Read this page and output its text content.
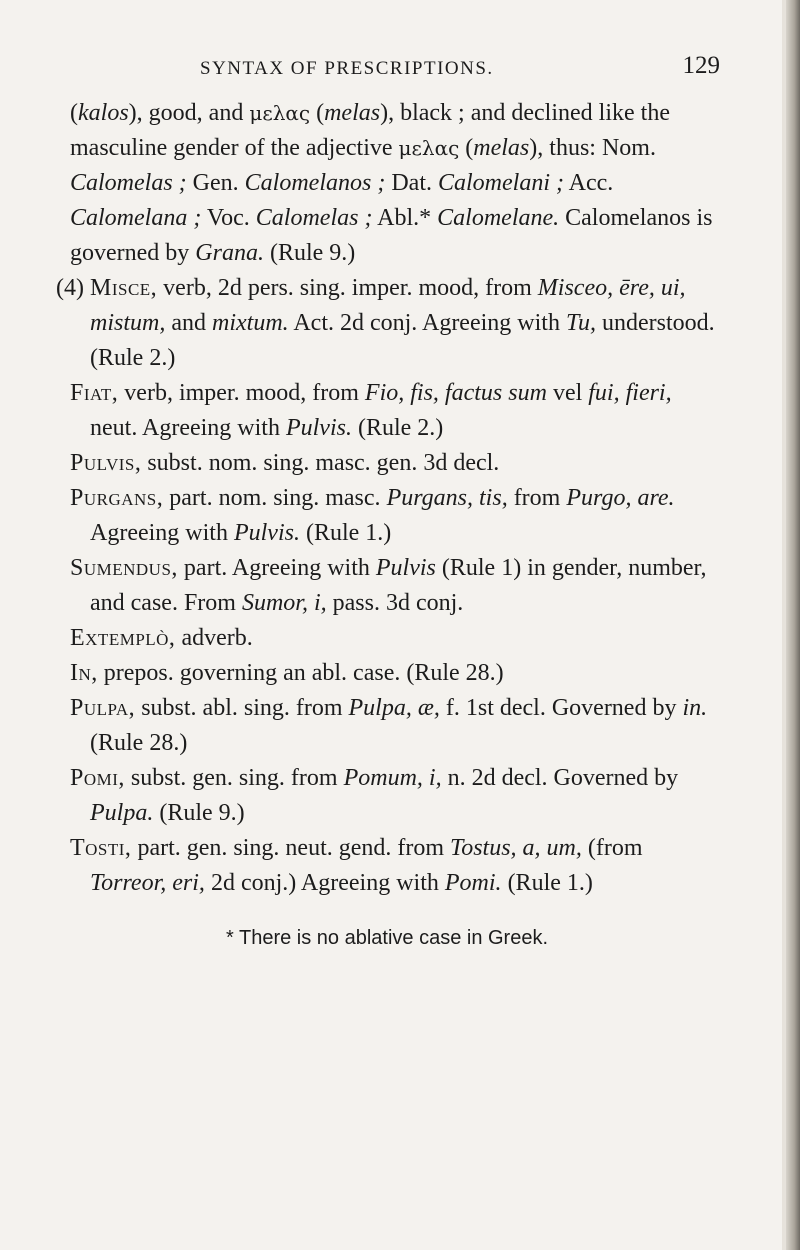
SYNTAX OF PRESCRIPTIONS.	129

(kalos), good, and μελας (melas), black ; and declined like the masculine gender of the adjective μελας (melas), thus: Nom. Calomelas ; Gen. Calomelanos ; Dat. Calomelani ; Acc. Calomelana ; Voc. Calomelas ; Abl.* Calomelane. Calomelanos is governed by Grana. (Rule 9.)

(4) Misce, verb, 2d pers. sing. imper. mood, from Misceo, ēre, ui, mistum, and mixtum. Act. 2d conj. Agreeing with Tu, understood. (Rule 2.)

Fiat, verb, imper. mood, from Fio, fis, factus sum vel fui, fieri, neut. Agreeing with Pulvis. (Rule 2.)

Pulvis, subst. nom. sing. masc. gen. 3d decl.

Purgans, part. nom. sing. masc. Purgans, tis, from Purgo, are. Agreeing with Pulvis. (Rule 1.)

Sumendus, part. Agreeing with Pulvis (Rule 1) in gender, number, and case. From Sumor, i, pass. 3d conj.

Extemplò, adverb.

In, prepos. governing an abl. case. (Rule 28.)

Pulpa, subst. abl. sing. from Pulpa, æ, f. 1st decl. Governed by in. (Rule 28.)

Pomi, subst. gen. sing. from Pomum, i, n. 2d decl. Governed by Pulpa. (Rule 9.)

Tosti, part. gen. sing. neut. gend. from Tostus, a, um, (from Torreor, eri, 2d conj.) Agreeing with Pomi. (Rule 1.)

* There is no ablative case in Greek.
